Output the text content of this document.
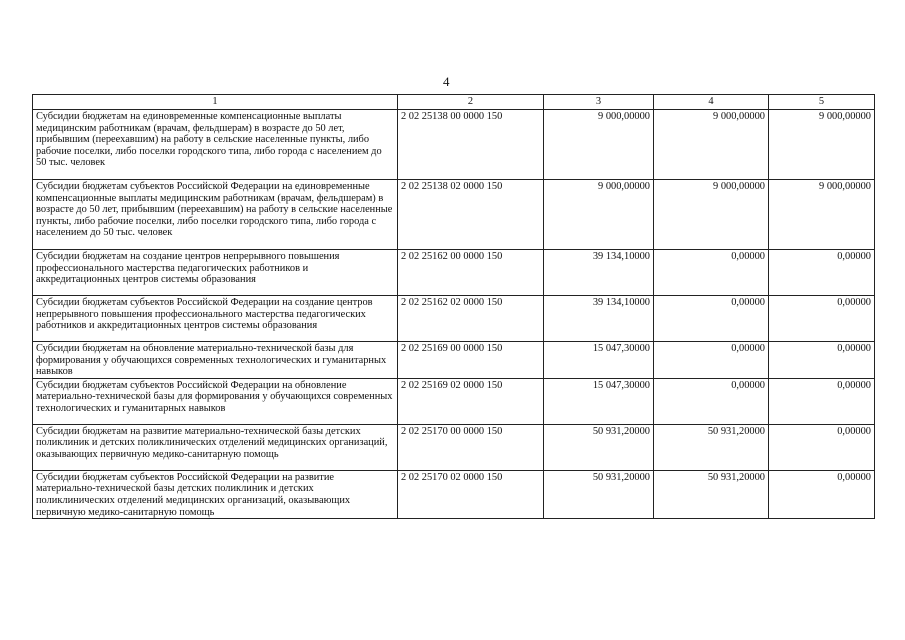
4
1	2	3	4	5
Субсидии бюджетам на единовременные компенсационные выплаты медицинским работникам (врачам, фельдшерам) в возрасте до 50 лет, прибывшим (переехавшим) на работу в сельские населенные пункты, либо рабочие поселки, либо поселки городского типа, либо города с населением до 50 тыс. человек	2 02 25138 00 0000 150	9 000,00000	9 000,00000	9 000,00000
Субсидии бюджетам субъектов Российской Федерации на единовременные компенсационные выплаты медицинским работникам (врачам, фельдшерам) в возрасте до 50 лет, прибывшим (переехавшим) на работу в сельские населенные пункты, либо рабочие поселки, либо поселки городского типа, либо города с населением до 50 тыс. человек	2 02 25138 02 0000 150	9 000,00000	9 000,00000	9 000,00000
Субсидии бюджетам на создание центров непрерывного повышения профессионального мастерства педагогических работников и аккредитационных центров системы образования	2 02 25162 00 0000 150	39 134,10000	0,00000	0,00000
Субсидии бюджетам субъектов Российской Федерации на создание центров непрерывного повышения профессионального мастерства педагогических работников и аккредитационных центров системы образования	2 02 25162 02 0000 150	39 134,10000	0,00000	0,00000
Субсидии бюджетам на обновление материально-технической базы для формирования у обучающихся современных технологических и гуманитарных навыков	2 02 25169 00 0000 150	15 047,30000	0,00000	0,00000
Субсидии бюджетам субъектов Российской Федерации на обновление материально-технической базы для формирования у обучающихся современных технологических и гуманитарных навыков	2 02 25169 02 0000 150	15 047,30000	0,00000	0,00000
Субсидии бюджетам на развитие материально-технической базы детских поликлиник и детских поликлинических отделений медицинских организаций, оказывающих первичную медико-санитарную помощь	2 02 25170 00 0000 150	50 931,20000	50 931,20000	0,00000
Субсидии бюджетам субъектов Российской Федерации на развитие материально-технической базы детских поликлиник и детских поликлинических отделений медицинских организаций, оказывающих первичную медико-санитарную помощь	2 02 25170 02 0000 150	50 931,20000	50 931,20000	0,00000
